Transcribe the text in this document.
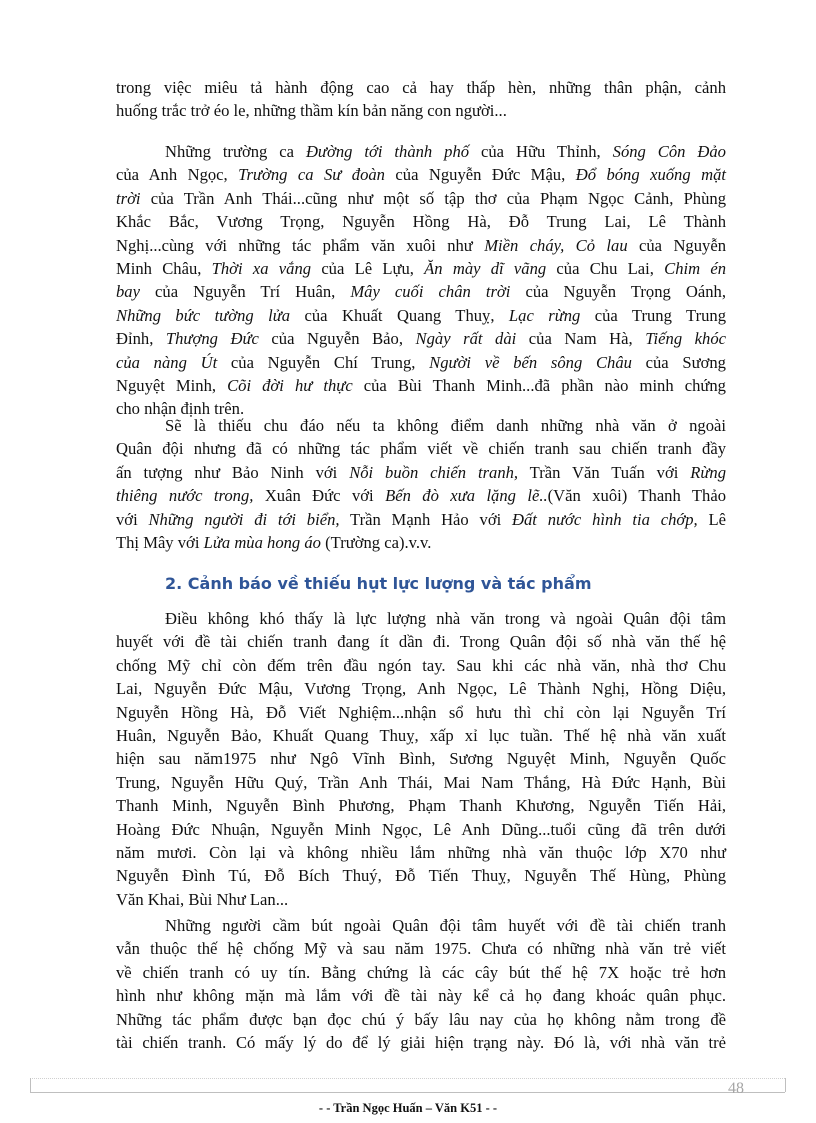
trong việc miêu tả hành động cao cả hay thấp hèn, những thân phận, cảnh
huống trắc trở éo le, những thầm kín bản năng con người...

Những trường ca Đường tới thành phố của Hữu Thỉnh, Sóng Côn Đảo
của Anh Ngọc, Trường ca Sư đoàn của Nguyễn Đức Mậu, Đổ bóng xuống mặt
trời của Trần Anh Thái...cũng như một số tập thơ của Phạm Ngọc Cảnh, Phùng
Khắc Bắc, Vương Trọng, Nguyễn Hồng Hà, Đỗ Trung Lai, Lê Thành
Nghị...cùng với những tác phẩm văn xuôi như Miền cháy, Cỏ lau của Nguyễn
Minh Châu, Thời xa vắng của Lê Lựu, Ăn mày dĩ vãng của Chu Lai, Chim én
bay của Nguyễn Trí Huân, Mây cuối chân trời của Nguyễn Trọng Oánh,
Những bức tường lửa của Khuất Quang Thuỵ, Lạc rừng của Trung Trung
Đỉnh, Thượng Đức của Nguyễn Bảo, Ngày rất dài của Nam Hà, Tiếng khóc
của nàng Út của Nguyễn Chí Trung, Người về bến sông Châu của Sương
Nguyệt Minh, Cõi đời hư thực của Bùi Thanh Minh...đã phần nào minh chứng
cho nhận định trên.

Sẽ là thiếu chu đáo nếu ta không điểm danh những nhà văn ở ngoài
Quân đội nhưng đã có những tác phẩm viết về chiến tranh sau chiến tranh đầy
ấn tượng như Bảo Ninh với Nỗi buồn chiến tranh, Trần Văn Tuấn với Rừng
thiêng nước trong, Xuân Đức với Bến đò xưa lặng lẽ..(Văn xuôi) Thanh Thảo
với Những người đi tới biển, Trần Mạnh Hảo với Đất nước hình tia chớp, Lê
Thị Mây với Lửa mùa hong áo (Trường ca).v.v.

2. Cảnh báo về thiếu hụt lực lượng và tác phẩm

Điều không khó thấy là lực lượng nhà văn trong và ngoài Quân đội tâm
huyết với đề tài chiến tranh đang ít dần đi. Trong Quân đội số nhà văn thế hệ
chống Mỹ chỉ còn đếm trên đầu ngón tay. Sau khi các nhà văn, nhà thơ Chu
Lai, Nguyễn Đức Mậu, Vương Trọng, Anh Ngọc, Lê Thành Nghị, Hồng Diệu,
Nguyễn Hồng Hà, Đỗ Viết Nghiệm...nhận sổ hưu thì chỉ còn lại Nguyễn Trí
Huân, Nguyễn Bảo, Khuất Quang Thuỵ, xấp xỉ lục tuần. Thế hệ nhà văn xuất
hiện sau năm1975 như Ngô Vĩnh Bình, Sương Nguyệt Minh, Nguyễn Quốc
Trung, Nguyễn Hữu Quý, Trần Anh Thái, Mai Nam Thắng, Hà Đức Hạnh, Bùi
Thanh Minh, Nguyễn Bình Phương, Phạm Thanh Khương, Nguyễn Tiến Hải,
Hoàng Đức Nhuận, Nguyễn Minh Ngọc, Lê Anh Dũng...tuổi cũng đã trên dưới
năm mươi. Còn lại và không nhiều lắm những nhà văn thuộc lớp X70 như
Nguyễn Đình Tú, Đỗ Bích Thuý, Đỗ Tiến Thuỵ, Nguyễn Thế Hùng, Phùng
Văn Khai, Bùi Như Lan...

Những người cầm bút ngoài Quân đội tâm huyết với đề tài chiến tranh
vẫn thuộc thế hệ chống Mỹ và sau năm 1975. Chưa có những nhà văn trẻ viết
về chiến tranh có uy tín. Bằng chứng là các cây bút thế hệ 7X hoặc trẻ hơn
hình như không mặn mà lắm với đề tài này kể cả họ đang khoác quân phục.
Những tác phẩm được bạn đọc chú ý bấy lâu nay của họ không nằm trong đề
tài chiến tranh. Có mấy lý do để lý giải hiện trạng này. Đó là, với nhà văn trẻ

48
- - Trần Ngọc Huấn – Văn K51 - -
